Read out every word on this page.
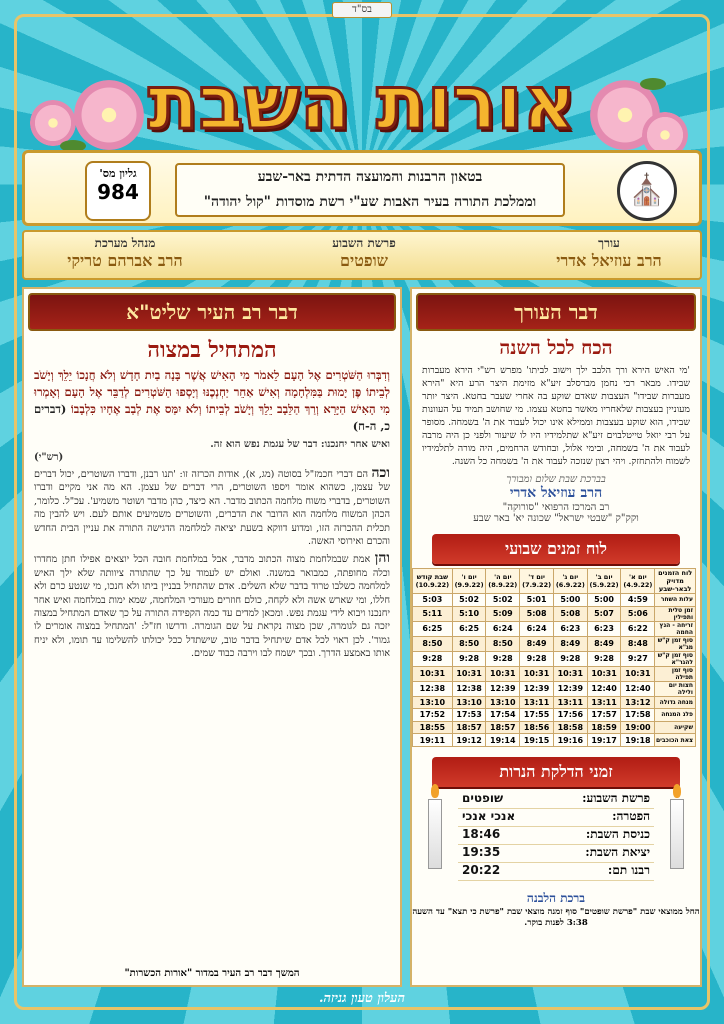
בס"ד
אורות השבת
⛪
בטאון הרבנות והמועצה הדתית באר-שבע
וממלכת התורה בעיר האבות שע"י רשת מוסדות "קול יהודה"
גליון מס'
984
עורך
הרב עוזיאל אדרי
פרשת השבוע
שופטים
מנהל מערכת
הרב אברהם טריקי
דבר רב העיר שליט"א
המתחיל במצוה
וְדִבְּרוּ הַשֹּׁטְרִים אֶל הָעָם לֵאמֹר מִי הָאִישׁ אֲשֶׁר בָּנָה בַיִת חָדָשׁ וְלֹא חֲנָכוֹ יֵלֵךְ וְיָשֹׁב לְבֵיתוֹ פֶּן יָמוּת בַּמִּלְחָמָה וְאִישׁ אַחֵר יַחְנְכֶנּוּ וְיָסְפוּ הַשֹּׁטְרִים לְדַבֵּר אֶל הָעָם וְאָמְרוּ מִי הָאִישׁ הַיָּרֵא וְרַךְ הַלֵּבָב יֵלֵךְ וְיָשֹׁב לְבֵיתוֹ וְלֹא יִמַּס אֶת לְבַב אֶחָיו כִּלְבָבוֹ (דברים כ, ה-ח)
ואיש אחר יחנכנו: דבר של עגמת נפש הוא זה.
(רש"י)
וכה הם דברי חכמז"ל בסוטה (מג, א), אודות הכרזה זו: 'תנו רבנן, ודברו השוטרים, יכול דברים של עצמן, כשהוא אומר ויספו השוטרים, הרי דברים של עצמן. הא מה אני מקיים ודברו השוטרים, בדברי משוח מלחמה הכתוב מדבר. הא כיצד, כהן מדבר ושוטר משמיע'. עכ"ל. כלומר, הכהן המשוח מלחמה הוא הדובר את הדברים, והשוטרים משמיעים אותם לעם. ויש להבין מה תכלית ההכרזה הזו, ומדוע דווקא בשעת יציאה למלחמה הדגישה התורה את עניין הבית החדש והכרם ואירוסי האשה.
והן אמת שבמלחמת מצוה הכתוב מדבר, אבל במלחמת חובה הכל יוצאים אפילו חתן מחדרו וכלה מחופתה, כמבואר במשנה. ואולם יש לעמוד על כך שהתורה ציוותה שלא ילך האיש למלחמה כשלבו טרוד בדבר שלא השלים. אדם שהתחיל בבניין ביתו ולא חנכו, מי שנטע כרם ולא חללו, ומי שארש אשה ולא לקחה, כולם חוזרים מעורכי המלחמה, שמא ימות במלחמה ואיש אחר יחנכנו ויבוא לידי עגמת נפש. ומכאן למדים עד כמה הקפידה התורה על כך שאדם המתחיל במצוה יזכה גם לגומרה, שכן מצוה נקראת על שם הגומרה. ודרשו חז"ל: 'המתחיל במצוה אומרים לו גמור'. לכן ראוי לכל אדם שיתחיל בדבר טוב, שישתדל ככל יכולתו להשלימו עד תומו, ולא יניח אותו באמצע הדרך. ובכך ישמח לבו וירבה כבוד שמים.
המשך דבר רב העיר במדור "אורות הכשרות"
דבר העורך
הכח לכל השנה
'מי האיש הירא ורך הלבב ילך וישוב לביתו' מפרש רש"י הירא מעברות שבידו. מבאר רבי נחמן מברסלב זיע"א מזימת היצר הרע היא "הירא מעברות שבידו" העצבות שאדם שוקע בה אחרי שעבר בחטא. היצר יותר מעוניין בעצבות שלאחריו מאשר בחטא עצמו. מי שחושב תמיד על העוונות שבידו, הוא שוקע בעצבות וממילא אינו יכול לעבוד את ה' בשמחה. מסופר על רבי יואל טייטלבוים זיע"א שתלמידיו היו לו שיעור ולפני כן היה מרבה לעבוד את ה' בשמחה, ובימי אלול, ובחודש הרחמים, היה מורה לתלמידיו לשמוח ולהתחזק. ויהי רצון שנזכה לעבוד את ה' בשמחה כל השנה.
בברכת שבת שלום ומבורך
הרב עוזיאל אדרי
רב המרכז הרפואי "סורוקה"
וקק"ק "שבטי ישראל" שכונה יא' באר שבע
לוח זמנים שבועי
לוח הזמנים מדויק לבאר-שבע	יום א' (4.9.22)	יום ב' (5.9.22)	יום ג' (6.9.22)	יום ד' (7.9.22)	יום ה' (8.9.22)	יום ו' (9.9.22)	שבת קודש (10.9.22)
עלות השחר	4:59	5:00	5:00	5:01	5:02	5:02	5:03
זמן טלית ותפילין	5:06	5:07	5:08	5:08	5:09	5:10	5:11
זריחה - הנץ החמה	6:22	6:23	6:23	6:24	6:24	6:25	6:25
סוף זמן ק"ש מג"א	8:48	8:49	8:49	8:49	8:50	8:50	8:50
סוף זמן ק"ש להגר"א	9:27	9:28	9:28	9:28	9:28	9:28	9:28
סוף זמן תפילה	10:31	10:31	10:31	10:31	10:31	10:31	10:31
חצות יום ולילה	12:40	12:40	12:39	12:39	12:39	12:38	12:38
מנחה גדולה	13:12	13:11	13:11	13:11	13:10	13:10	13:10
פלג המנחה	17:58	17:57	17:56	17:55	17:54	17:53	17:52
שקיעה	19:00	18:59	18:58	18:56	18:57	18:57	18:55
צאת הכוכבים	19:18	19:17	19:16	19:15	19:14	19:12	19:11
זמני הדלקת הנרות
פרשת השבוע:
שופטים
הפטרה:
אנכי אנכי
כניסת השבת:
18:46
יציאת השבת:
19:35
רבנו תם:
20:22
ברכת הלבנה
החל ממוצאי שבת "פרשת שופטים" סוף זמנה מוצאי שבת "פרשת כי תצא" עד השעה 3:38 לפנות בוקר.
העלון טעון גניזה.
